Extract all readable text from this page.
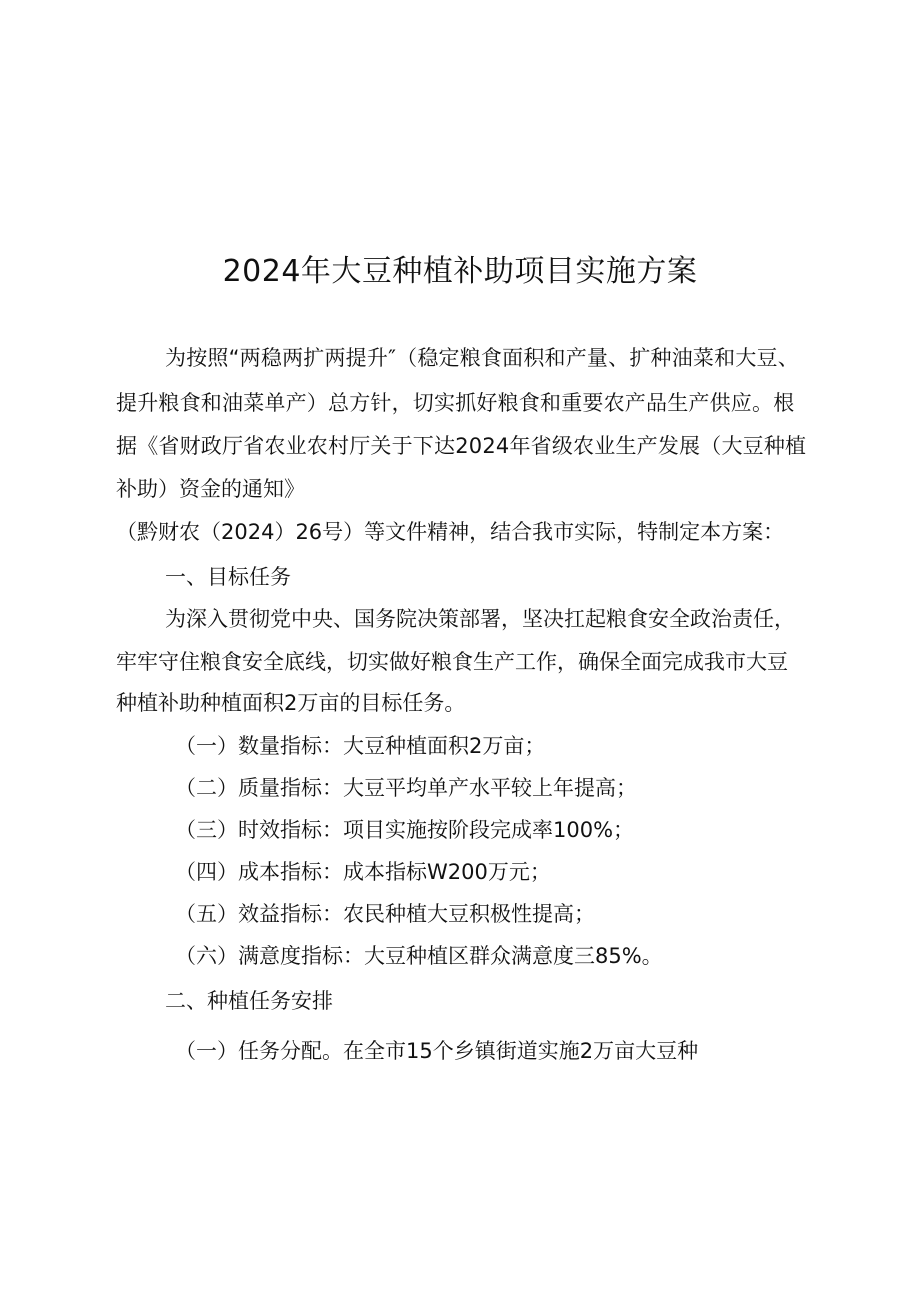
2024年大豆种植补助项目实施方案
为按照“两稳两扩两提升″（稳定粮食面积和产量、扩种油菜和大豆、
提升粮食和油菜单产）总方针，切实抓好粮食和重要农产品生产供应。根
据《省财政厅省农业农村厅关于下达2024年省级农业生产发展（大豆种植
补助）资金的通知》
（黔财农（2024）26号）等文件精神，结合我市实际，特制定本方案：
一、目标任务
为深入贯彻党中央、国务院决策部署，坚决扛起粮食安全政治责任，
牢牢守住粮食安全底线，切实做好粮食生产工作，确保全面完成我市大豆
种植补助种植面积2万亩的目标任务。
（一）数量指标：大豆种植面积2万亩；
（二）质量指标：大豆平均单产水平较上年提高；
（三）时效指标：项目实施按阶段完成率100%；
（四）成本指标：成本指标W200万元；
（五）效益指标：农民种植大豆积极性提高；
（六）满意度指标：大豆种植区群众满意度三85%。
二、种植任务安排
（一）任务分配。在全市15个乡镇街道实施2万亩大豆种
